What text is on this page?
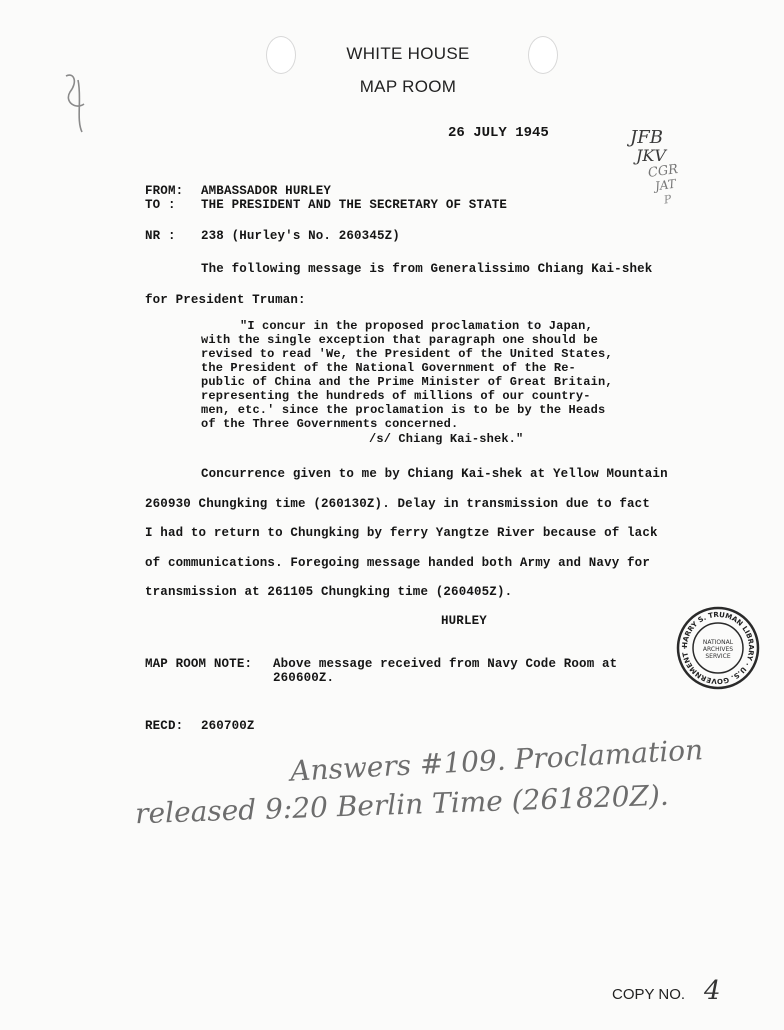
WHITE HOUSE
MAP ROOM
26 JULY 1945
P
JFB
JKV
CGR
JAT
FROM: AMBASSADOR HURLEY
TO : THE PRESIDENT AND THE SECRETARY OF STATE
NR : 238 (Hurley's No. 260345Z)
The following message is from Generalissimo Chiang Kai-shek
for President Truman:
"I concur in the proposed proclamation to Japan,
with the single exception that paragraph one should be
revised to read 'We, the President of the United States,
the President of the National Government of the Re-
public of China and the Prime Minister of Great Britain,
representing the hundreds of millions of our country-
men, etc.' since the proclamation is to be by the Heads
of the Three Governments concerned.
/s/ Chiang Kai-shek."
Concurrence given to me by Chiang Kai-shek at Yellow Mountain
260930 Chungking time (260130Z). Delay in transmission due to fact
I had to return to Chungking by ferry Yangtze River because of lack
of communications. Foregoing message handed both Army and Navy for
transmission at 261105 Chungking time (260405Z).
HURLEY
MAP ROOM NOTE: Above message received from Navy Code Room at
260600Z.
RECD: 260700Z
Answers #109. Proclamation
released 9:20 Berlin Time (261820Z).
HARRY S. TRUMAN LIBRARY · U.S. GOVERNMENT ·
NATIONAL
ARCHIVES
SERVICE
COPY NO. 4
